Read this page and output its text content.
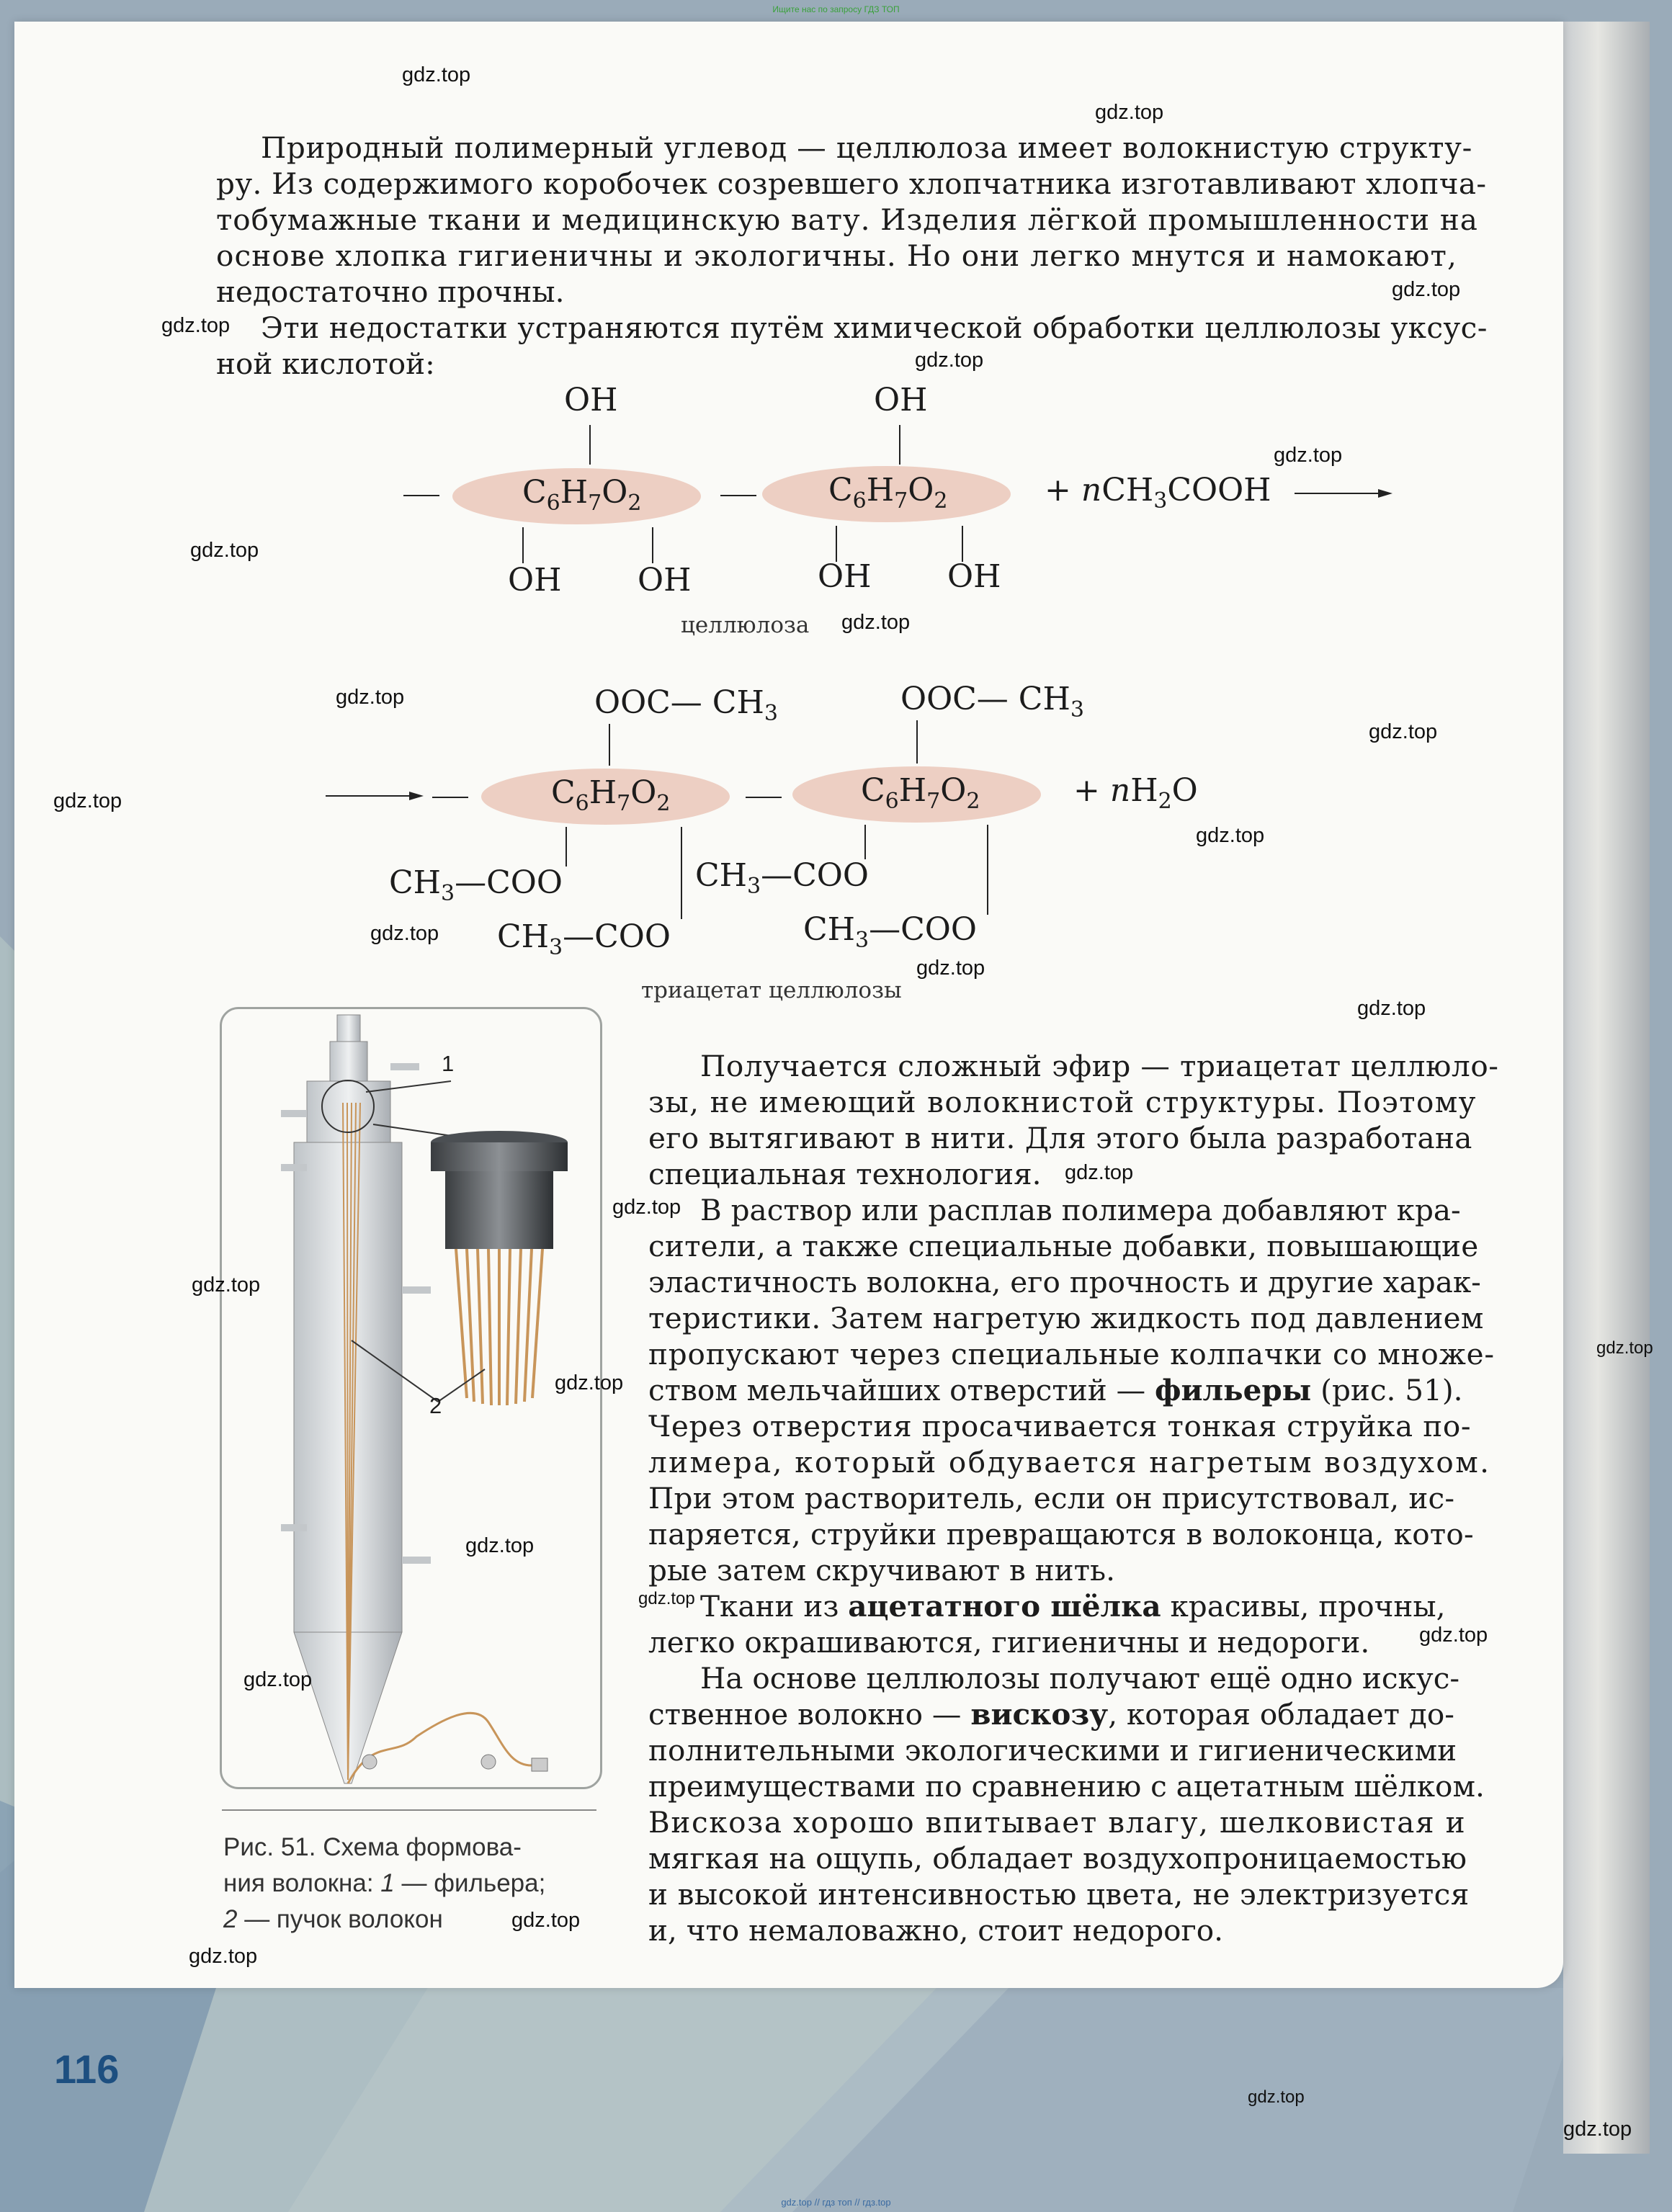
Ищите нас по запросу ГДЗ ТОП
Природный полимерный углевод — целлюлоза имеет волокнистую структу-
ру. Из содержимого коробочек созревшего хлопчатника изготавливают хлопча-
тобумажные ткани и медицинскую вату. Изделия лёгкой промышленности на
основе хлопка гигиеничны и экологичны. Но они легко мнутся и намокают,
недостаточно прочны.
Эти недостатки устраняются путём химической обработки целлюлозы уксус-
ной кислотой:
$C_6H_7O_2$	$C_6H_7O_2$
OH	OH
OH OH	OH OH
+ nCH$_3$COOH
целлюлоза
$C_6H_7O_2$	$C_6H_7O_2$
OOC— $CH_3$	OOC— $CH_3$
$CH_3—COO$
$CH_3—COO$
$CH_3—COO$
$CH_3—COO$
+ $nH_2O$
триацетат целлюлозы
1
2
Рис. 51. Схема формова-
ния волокна: 1 — фильера;
2 — пучок волокон
Получается сложный эфир — триацетат целлюло-
зы, не имеющий волокнистой структуры. Поэтому
его вытягивают в нити. Для этого была разработана
специальная технология.
В раствор или расплав полимера добавляют кра-
сители, а также специальные добавки, повышающие
эластичность волокна, его прочность и другие харак-
теристики. Затем нагретую жидкость под давлением
пропускают через специальные колпачки со множе-
ством мельчайших отверстий — фильеры (рис. 51).
Через отверстия просачивается тонкая струйка по-
лимера, который обдувается нагретым воздухом.
При этом растворитель, если он присутствовал, ис-
паряется, струйки превращаются в волоконца, кото-
рые затем скручивают в нить.
Ткани из ацетатного шёлка красивы, прочны,
легко окрашиваются, гигиеничны и недороги.
На основе целлюлозы получают ещё одно искус-
ственное волокно — вискозу, которая обладает до-
полнительными экологическими и гигиеническими
преимуществами по сравнению с ацетатным шёлком.
Вискоза хорошо впитывает влагу, шелковистая и
мягкая на ощупь, обладает воздухопроницаемостью
и высокой интенсивностью цвета, не электризуется
и, что немаловажно, стоит недорого.
116
gdz.top
gdz.top
gdz.top
gdz.top
gdz.top
gdz.top
gdz.top
gdz.top
gdz.top
gdz.top
gdz.top
gdz.top
gdz.top
gdz.top
gdz.top
gdz.top
gdz.top
gdz.top
gdz.top
gdz.top
gdz.top
gdz.top
gdz.top
gdz.top
gdz.top
gdz.top
gdz.top
gdz.top
gdz.top // гдз топ // гдз.top
